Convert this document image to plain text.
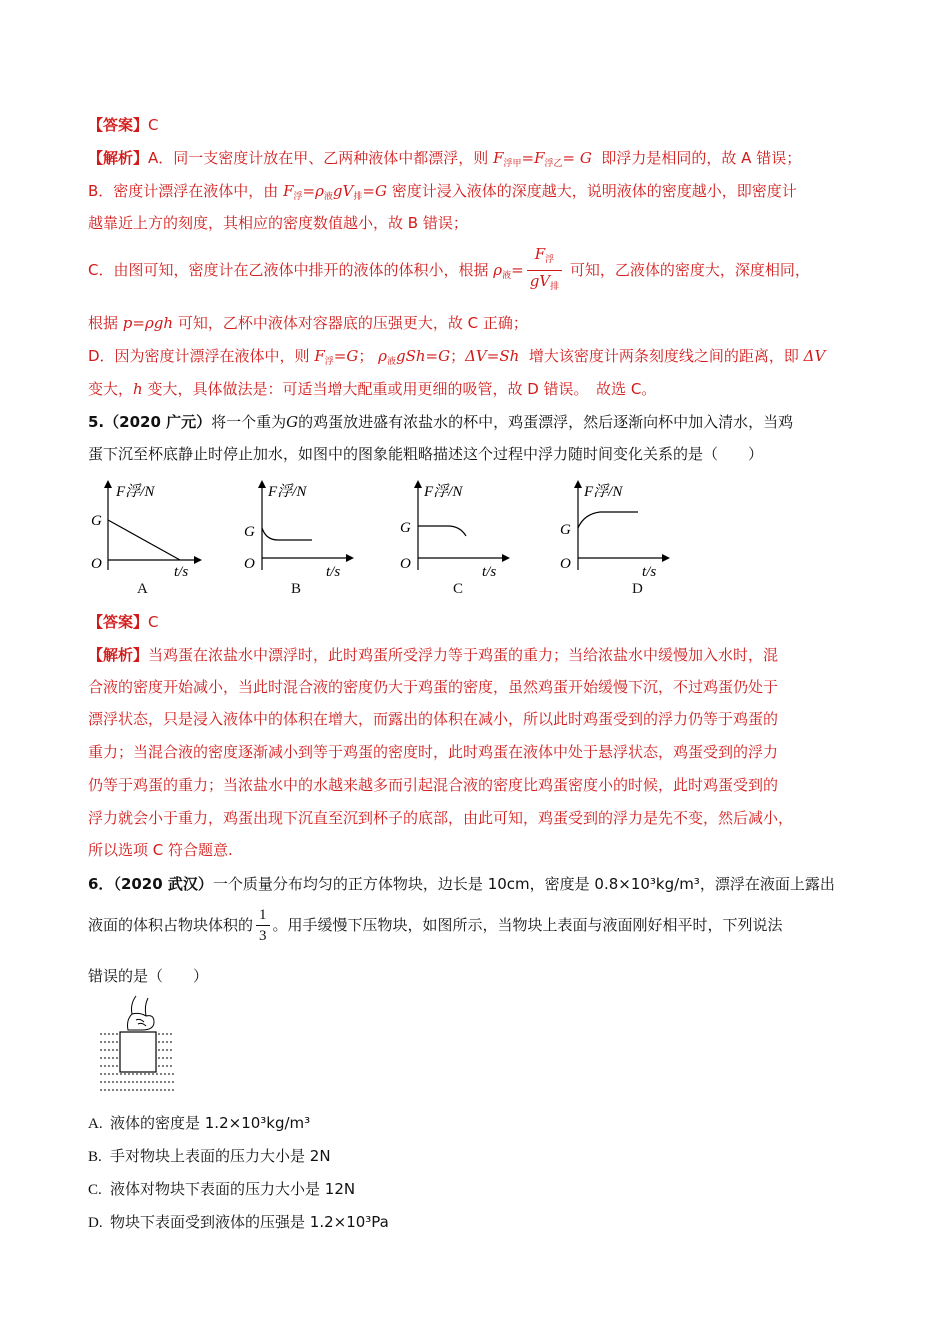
【答案】C
【解析】A．同一支密度计放在甲、乙两种液体中都漂浮，则 $F_{浮甲}=F_{浮乙}= G$ 即浮力是相同的，故 A 错误；
B．密度计漂浮在液体中，由 $F_浮=\rho_液gV_排=G$ 密度计浸入液体的深度越大，说明液体的密度越小，即密度计
越靠近上方的刻度，其相应的密度数值越小，故 B 错误；
C．由图可知，密度计在乙液体中排开的液体的体积小，根据 $\rho_液= \frac{F_浮}{gV_排}$ 可知，乙液体的密度大，深度相同，
根据 p=ρgh 可知，乙杯中液体对容器底的压强更大，故 C 正确；
D．因为密度计漂浮在液体中，则 $F_浮=G$； $\rho_液gSh=G$；ΔV=Sh 增大该密度计两条刻度线之间的距离，即 ΔV
变大，h 变大，具体做法是：可适当增大配重或用更细的吸管，故 D 错误。　故选 C。
5.（2020 广元）将一个重为G的鸡蛋放进盛有浓盐水的杯中，鸡蛋漂浮，然后逐渐向杯中加入清水，当鸡
蛋下沉至杯底静止时停止加水，如图中的图象能粗略描述这个过程中浮力随时间变化关系的是（　　）
F浮/N
G
O	t/s
F浮/N
G
O	t/s
F浮/N
G
O	t/s
F浮/N
G
O	t/s
A	B	C	D
【答案】C
【解析】当鸡蛋在浓盐水中漂浮时，此时鸡蛋所受浮力等于鸡蛋的重力；当给浓盐水中缓慢加入水时，混
合液的密度开始减小，当此时混合液的密度仍大于鸡蛋的密度，虽然鸡蛋开始缓慢下沉，不过鸡蛋仍处于
漂浮状态，只是浸入液体中的体积在增大，而露出的体积在减小，所以此时鸡蛋受到的浮力仍等于鸡蛋的
重力；当混合液的密度逐渐减小到等于鸡蛋的密度时，此时鸡蛋在液体中处于悬浮状态，鸡蛋受到的浮力
仍等于鸡蛋的重力；当浓盐水中的水越来越多而引起混合液的密度比鸡蛋密度小的时候，此时鸡蛋受到的
浮力就会小于重力，鸡蛋出现下沉直至沉到杯子的底部，由此可知，鸡蛋受到的浮力是先不变，然后减小，
所以选项 C 符合题意.
6．（2020 武汉）一个质量分布均匀的正方体物块，边长是 10cm，密度是 0.8×10³kg/m³，漂浮在液面上露出
液面的体积占物块体积的 $\frac{1}{3}$ 。用手缓慢下压物块，如图所示，当物块上表面与液面刚好相平时，下列说法
错误的是（　　）
A. 液体的密度是 1.2×10³kg/m³
B. 手对物块上表面的压力大小是 2N
C. 液体对物块下表面的压力大小是 12N
D. 物块下表面受到液体的压强是 1.2×10³Pa
